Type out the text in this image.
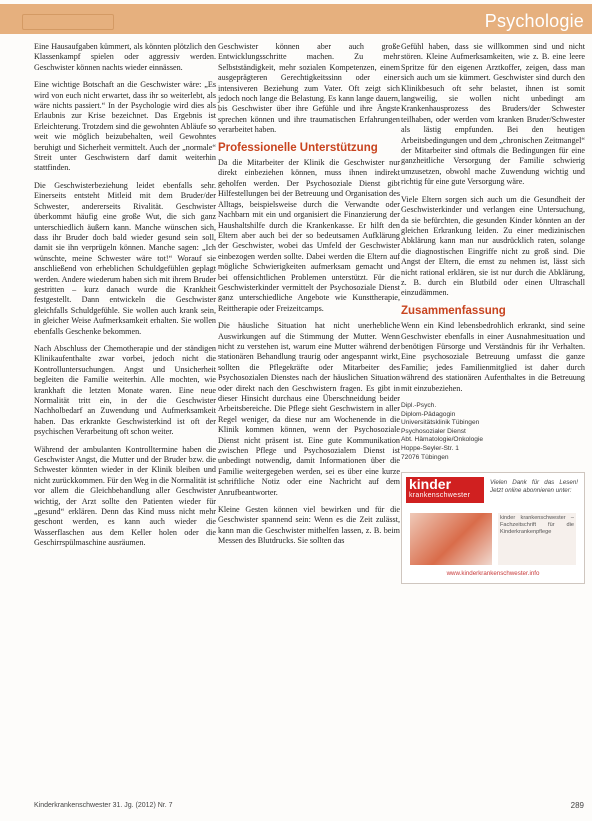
Psychologie

Eine Hausaufgaben kümmert, als könnten plötzlich den Klassenkampf spielen oder aggressiv werden. Geschwister können nachts wieder einnässen.

Eine wichtige Botschaft an die Geschwister wäre: „Es wird von euch nicht erwartet, dass ihr so weiterlebt, als wäre nichts passiert.“ In der Psychologie wird dies als Erlaubnis zur Krise bezeichnet. Das Ergebnis ist Erleichterung. Trotzdem sind die gewohnten Abläufe so weit wie möglich beizubehalten, weil Gewohntes beruhigt und Sicherheit vermittelt. Auch der „normale“ Streit unter Geschwistern darf damit weiterhin stattfinden.

Die Geschwisterbeziehung leidet ebenfalls sehr. Einerseits entsteht Mitleid mit dem Bruder/der Schwester, andererseits Rivalität. Geschwister überkommt häufig eine große Wut, die sich ganz unterschiedlich äußern kann. Manche wünschen sich, dass ihr Bruder doch bald wieder gesund sein soll, damit sie ihn verprügeln können. Manche sagen: „Ich wünschte, meine Schwester wäre tot!“ Worauf sie anschließend von erheblichen Schuldgefühlen geplagt werden. Andere wiederum haben sich mit ihrem Bruder gestritten – kurz danach wurde die Krankheit festgestellt. Dann entwickeln die Geschwister gleichfalls Schuldgefühle. Sie wollen auch krank sein, in gleicher Weise Aufmerksamkeit erhalten. Sie wollen ebenfalls Geschenke bekommen.

Nach Abschluss der Chemotherapie und der ständigen Klinikaufenthalte zwar vorbei, jedoch nicht die Kontrolluntersuchungen. Angst und Unsicherheit begleiten die Familie weiterhin. Alle mochten, wie krankhaft die letzten Monate waren. Eine neue Normalität tritt ein, in der die Geschwister Nachholbedarf an Zuwendung und Aufmerksamkeit haben. Das erkrankte Geschwisterkind ist oft der psychischen Verarbeitung oft schon weiter.

Während der ambulanten Kontrolltermine haben die Geschwister Angst, die Mutter und der Bruder bzw. die Schwester könnten wieder in der Klinik bleiben und nicht zurückkommen. Für den Weg in die Normalität ist vor allem die Gleichbehandlung aller Geschwister wichtig, der Arzt sollte den Patienten wieder für „gesund“ erklären. Denn das Kind muss nicht mehr geschont werden, es kann auch wieder die Wasserflaschen aus dem Keller holen oder die Geschirrspülmaschine ausräumen.

Geschwister können aber auch große Entwicklungsschritte machen. Zu mehr Selbstständigkeit, mehr sozialen Kompetenzen, einem ausgeprägteren Gerechtigkeitssinn oder einer intensiveren Beziehung zum Vater. Oft zeigt sich jedoch noch lange die Belastung. Es kann lange dauern, bis Geschwister über ihre Gefühle und ihre Ängste sprechen können und ihre traumatischen Erfahrungen verarbeitet haben.

Professionelle Unterstützung

Da die Mitarbeiter der Klinik die Geschwister nur direkt einbeziehen können, muss ihnen indirekt geholfen werden. Der Psychosoziale Dienst gibt Hilfestellungen bei der Betreuung und Organisation des Alltags, beispielsweise durch die Verwandte oder Nachbarn mit ein und organisiert die Finanzierung der Haushaltshilfe durch die Krankenkasse. Er hilft den Eltern aber auch bei der so bedeutsamen Aufklärung der Geschwister, wobei das Umfeld der Geschwister einbezogen werden sollte. Dabei werden die Eltern auf mögliche Schwierigkeiten aufmerksam gemacht und bei offensichtlichen Problemen unterstützt. Für die Geschwisterkinder vermittelt der Psychosoziale Dienst ganz unterschiedliche Angebote wie Kunsttherapie, Reittherapie oder Freizeitcamps.

Die häusliche Situation hat nicht unerhebliche Auswirkungen auf die Stimmung der Mutter. Wenn nicht zu verstehen ist, warum eine Mutter während der stationären Behandlung traurig oder angespannt wirkt, sollten die Pflegekräfte oder Mitarbeiter des Psychosozialen Dienstes nach der häuslichen Situation oder direkt nach den Geschwistern fragen. Es gibt in dieser Hinsicht durchaus eine Überschneidung beider Arbeitsbereiche. Die Pflege sieht Geschwistern in aller Regel weniger, da diese nur am Wochenende in die Klinik kommen können, wenn der Psychosoziale Dienst nicht präsent ist. Eine gute Kommunikation zwischen Pflege und Psychosozialem Dienst ist unbedingt notwendig, damit Informationen über die Familie weitergegeben werden, sei es über eine kurze schriftliche Notiz oder eine Nachricht auf dem Anrufbeantworter.

Kleine Gesten können viel bewirken und für die Geschwister spannend sein: Wenn es die Zeit zulässt, kann man die Geschwister mithelfen lassen, z. B. beim Messen des Blutdrucks. Sie sollten das

Gefühl haben, dass sie willkommen sind und nicht stören. Kleine Aufmerksamkeiten, wie z. B. eine leere Spritze für den eigenen Arztkoffer, zeigen, dass man sich auch um sie kümmert. Geschwister sind durch den Klinikbesuch oft sehr belastet, ihnen ist somit langweilig, sie wollen nicht unbedingt am Krankenhausprozess des Bruders/der Schwester teilhaben, oder werden vom kranken Bruder/Schwester als lästig empfunden. Bei den heutigen Arbeitsbedingungen und dem „chronischen Zeitmangel“ der Mitarbeiter sind oftmals die Bedingungen für eine ganzheitliche Versorgung der Familie schwierig umzusetzen, obwohl mache Zuwendung wichtig und richtig für eine gute Versorgung wäre.

Viele Eltern sorgen sich auch um die Gesundheit der Geschwisterkinder und verlangen eine Untersuchung, da sie befürchten, die gesunden Kinder könnten an der gleichen Erkrankung leiden. Zu einer medizinischen Abklärung kann man nur ausdrücklich raten, solange die diagnostischen Eingriffe nicht zu groß sind. Die Angst der Eltern, die ernst zu nehmen ist, lässt sich nicht rational erklären, sie ist nur durch die Abklärung, z. B. durch ein Blutbild oder einen Ultraschall einzudämmen.

Zusammenfassung

Wenn ein Kind lebensbedrohlich erkrankt, sind seine Geschwister ebenfalls in einer Ausnahmesituation und benötigen Fürsorge und Verständnis für ihr Verhalten. Eine psychosoziale Betreuung umfasst die ganze Familie; jedes Familienmitglied ist daher durch während des stationären Aufenthaltes in die Betreuung mit einzubeziehen.

Dipl.-Psych.
Diplom-Pädagogin
Universitätsklinik Tübingen
Psychosozialer Dienst
Abt. Hämatologie/Onkologie
Hoppe-Seyler-Str. 1
72076 Tübingen
kinder
krankenschwester
Vielen Dank für das Lesen! Jetzt online abonnieren unter:
kinder krankenschwester – Fachzeitschrift für die Kinderkrankenpflege
www.kinderkrankenschwester.info
Kinderkrankenschwester 31. Jg. (2012) Nr. 7	289
